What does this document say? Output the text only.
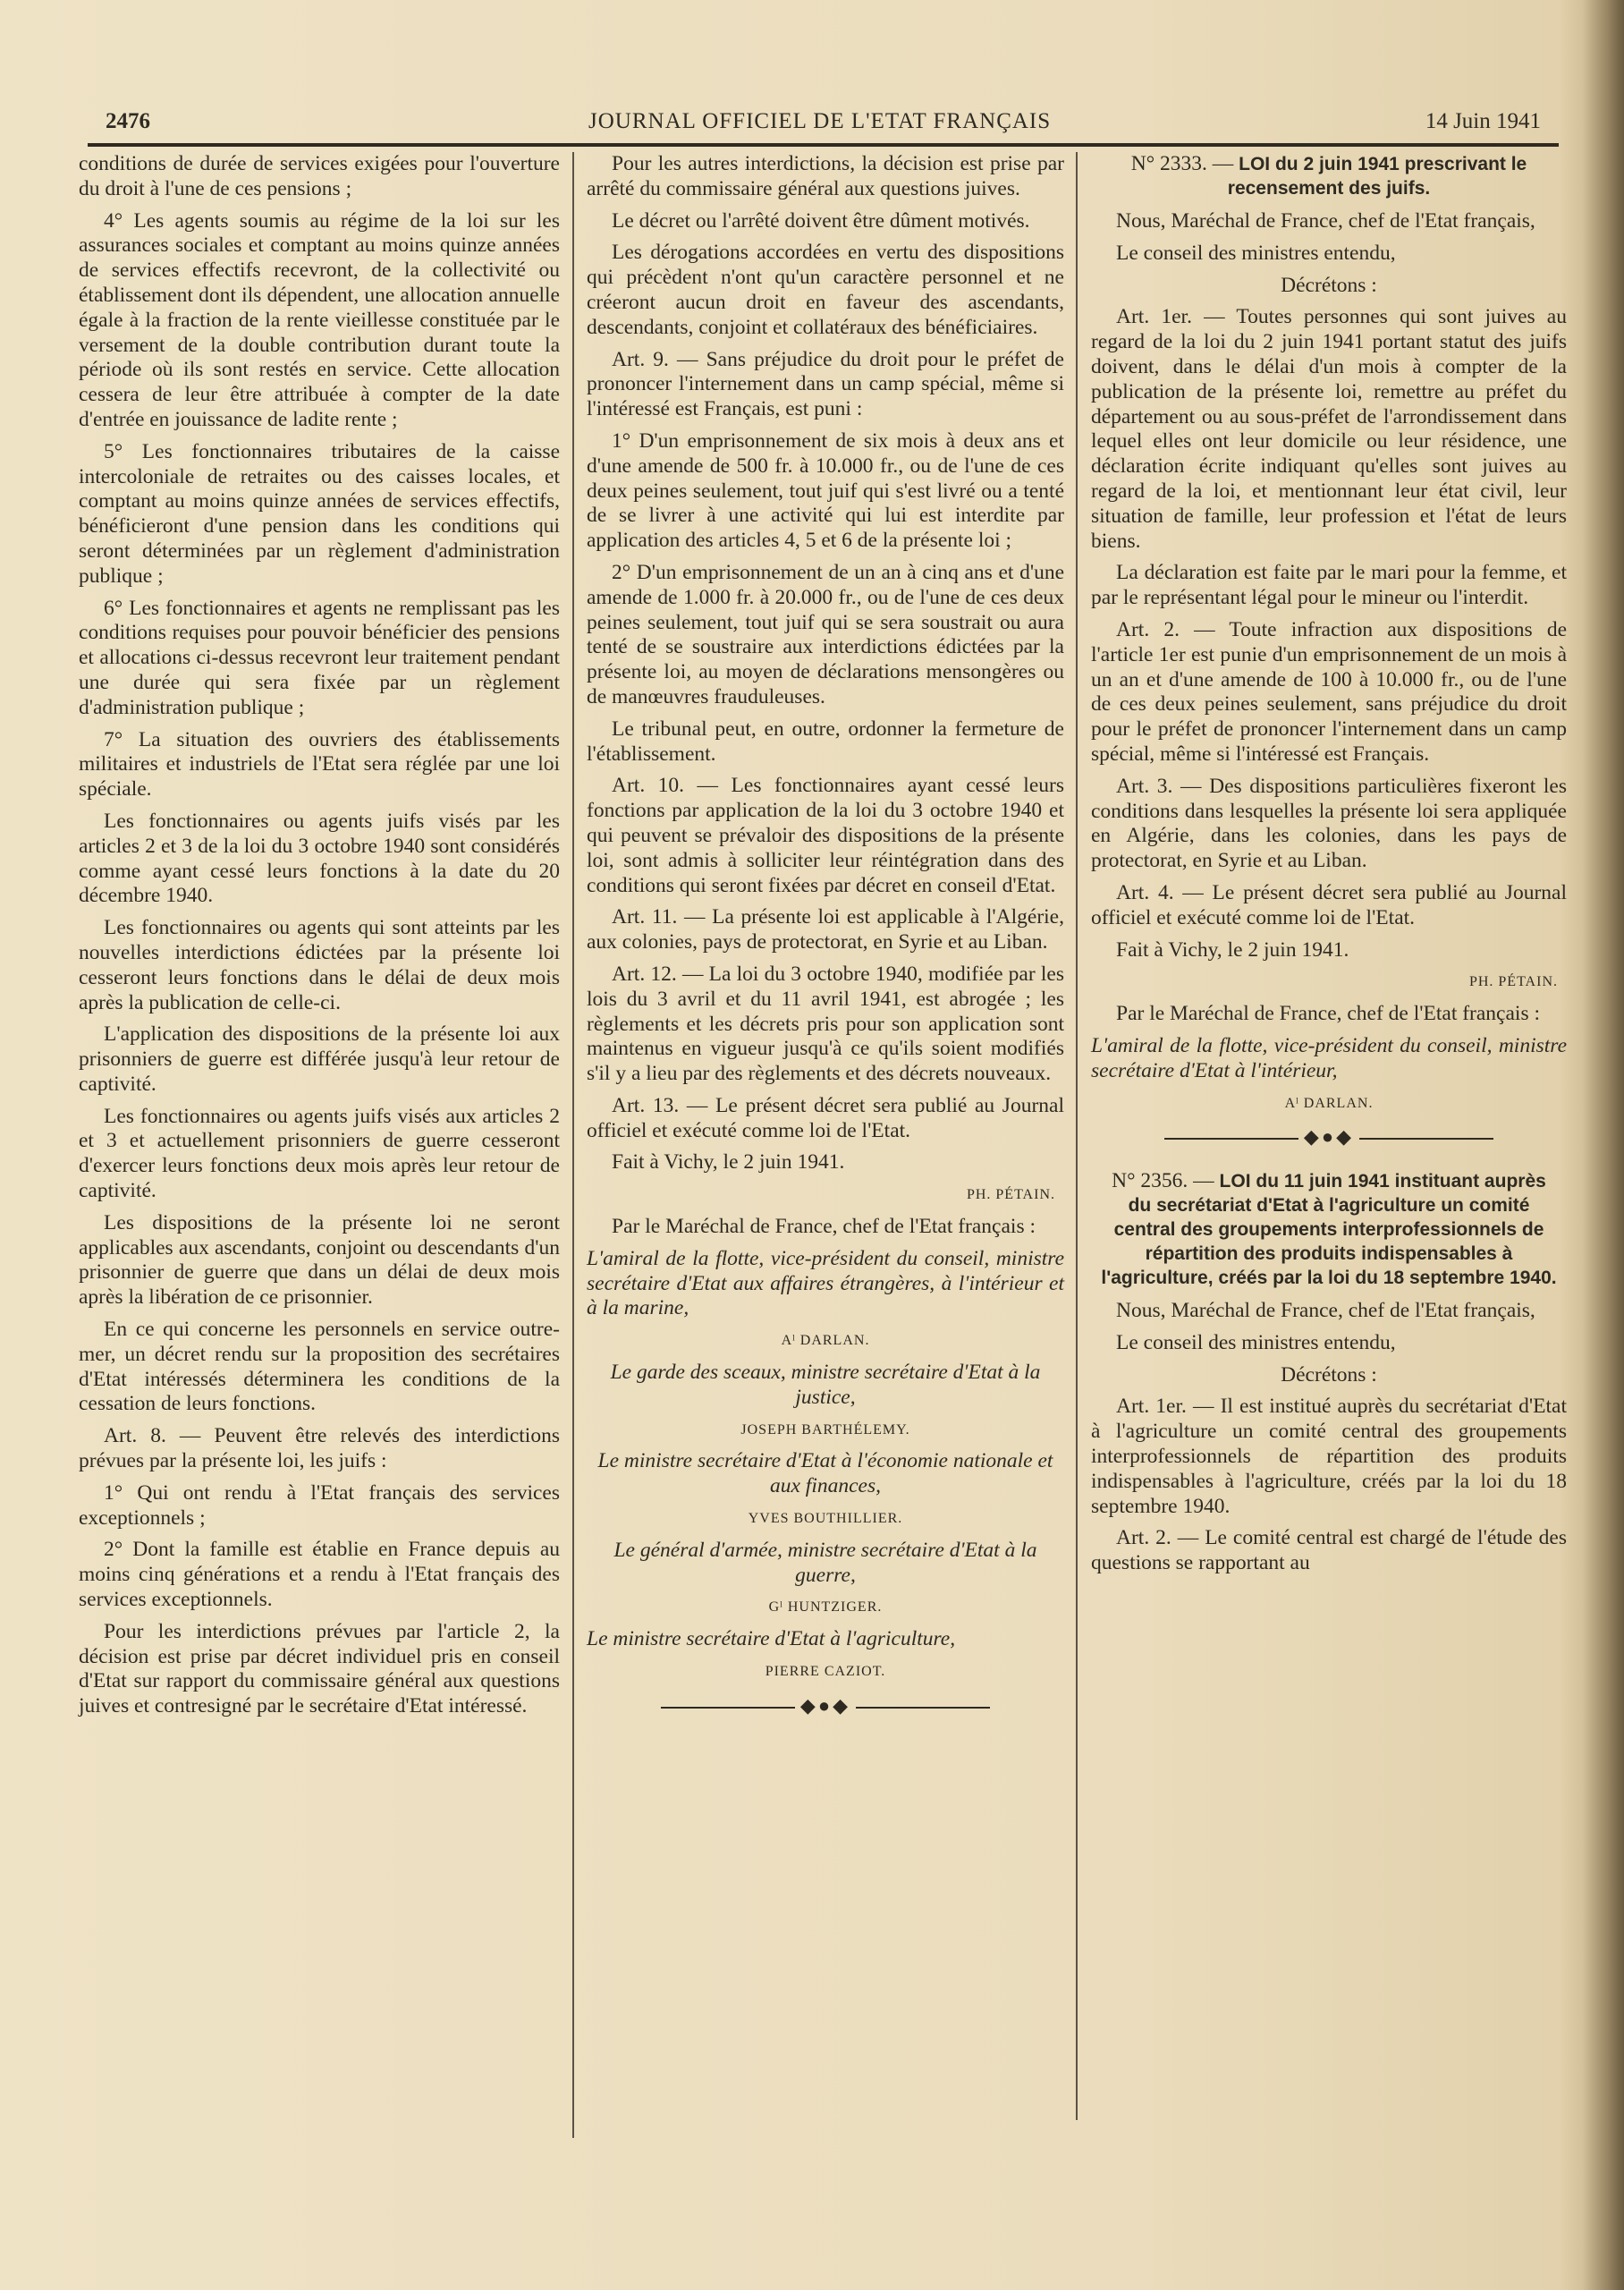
2476	JOURNAL OFFICIEL DE L'ETAT FRANÇAIS	14 Juin 1941

conditions de durée de services exigées pour l'ouverture du droit à l'une de ces pensions ;

4° Les agents soumis au régime de la loi sur les assurances sociales et comptant au moins quinze années de services effectifs recevront, de la collectivité ou établissement dont ils dépendent, une allocation annuelle égale à la fraction de la rente vieillesse constituée par le versement de la double contribution durant toute la période où ils sont restés en service. Cette allocation cessera de leur être attribuée à compter de la date d'entrée en jouissance de ladite rente ;

5° Les fonctionnaires tributaires de la caisse intercoloniale de retraites ou des caisses locales, et comptant au moins quinze années de services effectifs, bénéficieront d'une pension dans les conditions qui seront déterminées par un règlement d'administration publique ;

6° Les fonctionnaires et agents ne remplissant pas les conditions requises pour pouvoir bénéficier des pensions et allocations ci-dessus recevront leur traitement pendant une durée qui sera fixée par un règlement d'administration publique ;

7° La situation des ouvriers des établissements militaires et industriels de l'Etat sera réglée par une loi spéciale.

Les fonctionnaires ou agents juifs visés par les articles 2 et 3 de la loi du 3 octobre 1940 sont considérés comme ayant cessé leurs fonctions à la date du 20 décembre 1940.

Les fonctionnaires ou agents qui sont atteints par les nouvelles interdictions édictées par la présente loi cesseront leurs fonctions dans le délai de deux mois après la publication de celle-ci.

L'application des dispositions de la présente loi aux prisonniers de guerre est différée jusqu'à leur retour de captivité.

Les fonctionnaires ou agents juifs visés aux articles 2 et 3 et actuellement prisonniers de guerre cesseront d'exercer leurs fonctions deux mois après leur retour de captivité.

Les dispositions de la présente loi ne seront applicables aux ascendants, conjoint ou descendants d'un prisonnier de guerre que dans un délai de deux mois après la libération de ce prisonnier.

En ce qui concerne les personnels en service outre-mer, un décret rendu sur la proposition des secrétaires d'Etat intéressés déterminera les conditions de la cessation de leurs fonctions.

Art. 8. — Peuvent être relevés des interdictions prévues par la présente loi, les juifs :

1° Qui ont rendu à l'Etat français des services exceptionnels ;

2° Dont la famille est établie en France depuis au moins cinq générations et a rendu à l'Etat français des services exceptionnels.

Pour les interdictions prévues par l'article 2, la décision est prise par décret individuel pris en conseil d'Etat sur rapport du commissaire général aux questions juives et contresigné par le secrétaire d'Etat intéressé.

Pour les autres interdictions, la décision est prise par arrêté du commissaire général aux questions juives.

Le décret ou l'arrêté doivent être dûment motivés.

Les dérogations accordées en vertu des dispositions qui précèdent n'ont qu'un caractère personnel et ne créeront aucun droit en faveur des ascendants, descendants, conjoint et collatéraux des bénéficiaires.

Art. 9. — Sans préjudice du droit pour le préfet de prononcer l'internement dans un camp spécial, même si l'intéressé est Français, est puni :

1° D'un emprisonnement de six mois à deux ans et d'une amende de 500 fr. à 10.000 fr., ou de l'une de ces deux peines seulement, tout juif qui s'est livré ou a tenté de se livrer à une activité qui lui est interdite par application des articles 4, 5 et 6 de la présente loi ;

2° D'un emprisonnement de un an à cinq ans et d'une amende de 1.000 fr. à 20.000 fr., ou de l'une de ces deux peines seulement, tout juif qui se sera soustrait ou aura tenté de se soustraire aux interdictions édictées par la présente loi, au moyen de déclarations mensongères ou de manœuvres frauduleuses.

Le tribunal peut, en outre, ordonner la fermeture de l'établissement.

Art. 10. — Les fonctionnaires ayant cessé leurs fonctions par application de la loi du 3 octobre 1940 et qui peuvent se prévaloir des dispositions de la présente loi, sont admis à solliciter leur réintégration dans des conditions qui seront fixées par décret en conseil d'Etat.

Art. 11. — La présente loi est applicable à l'Algérie, aux colonies, pays de protectorat, en Syrie et au Liban.

Art. 12. — La loi du 3 octobre 1940, modifiée par les lois du 3 avril et du 11 avril 1941, est abrogée ; les règlements et les décrets pris pour son application sont maintenus en vigueur jusqu'à ce qu'ils soient modifiés s'il y a lieu par des règlements et des décrets nouveaux.

Art. 13. — Le présent décret sera publié au Journal officiel et exécuté comme loi de l'Etat.

Fait à Vichy, le 2 juin 1941.

PH. PÉTAIN.

Par le Maréchal de France, chef de l'Etat français :

L'amiral de la flotte, vice-président du conseil, ministre secrétaire d'Etat aux affaires étrangères, à l'intérieur et à la marine,

Aˡ DARLAN.

Le garde des sceaux, ministre secrétaire d'Etat à la justice,

JOSEPH BARTHÉLEMY.

Le ministre secrétaire d'Etat à l'économie nationale et aux finances,

YVES BOUTHILLIER.

Le général d'armée, ministre secrétaire d'Etat à la guerre,

Gˡ HUNTZIGER.

Le ministre secrétaire d'Etat à l'agriculture,

PIERRE CAZIOT.

◆●◆

N° 2333. — LOI du 2 juin 1941 prescrivant le recensement des juifs.

Nous, Maréchal de France, chef de l'Etat français,

Le conseil des ministres entendu,

Décrétons :

Art. 1er. — Toutes personnes qui sont juives au regard de la loi du 2 juin 1941 portant statut des juifs doivent, dans le délai d'un mois à compter de la publication de la présente loi, remettre au préfet du département ou au sous-préfet de l'arrondissement dans lequel elles ont leur domicile ou leur résidence, une déclaration écrite indiquant qu'elles sont juives au regard de la loi, et mentionnant leur état civil, leur situation de famille, leur profession et l'état de leurs biens.

La déclaration est faite par le mari pour la femme, et par le représentant légal pour le mineur ou l'interdit.

Art. 2. — Toute infraction aux dispositions de l'article 1er est punie d'un emprisonnement de un mois à un an et d'une amende de 100 à 10.000 fr., ou de l'une de ces deux peines seulement, sans préjudice du droit pour le préfet de prononcer l'internement dans un camp spécial, même si l'intéressé est Français.

Art. 3. — Des dispositions particulières fixeront les conditions dans lesquelles la présente loi sera appliquée en Algérie, dans les colonies, dans les pays de protectorat, en Syrie et au Liban.

Art. 4. — Le présent décret sera publié au Journal officiel et exécuté comme loi de l'Etat.

Fait à Vichy, le 2 juin 1941.

PH. PÉTAIN.

Par le Maréchal de France, chef de l'Etat français :

L'amiral de la flotte, vice-président du conseil, ministre secrétaire d'Etat à l'intérieur,

Aˡ DARLAN.

◆●◆

N° 2356. — LOI du 11 juin 1941 instituant auprès du secrétariat d'Etat à l'agriculture un comité central des groupements interprofessionnels de répartition des produits indispensables à l'agriculture, créés par la loi du 18 septembre 1940.

Nous, Maréchal de France, chef de l'Etat français,

Le conseil des ministres entendu,

Décrétons :

Art. 1er. — Il est institué auprès du secrétariat d'Etat à l'agriculture un comité central des groupements interprofessionnels de répartition des produits indispensables à l'agriculture, créés par la loi du 18 septembre 1940.

Art. 2. — Le comité central est chargé de l'étude des questions se rapportant au
